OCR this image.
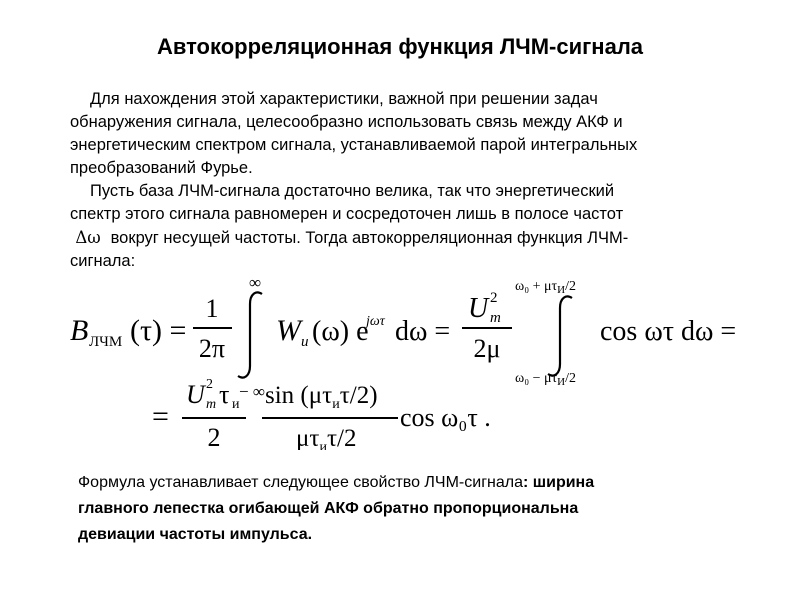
Автокорреляционная функция ЛЧМ-сигнала
Для нахождения этой характеристики, важной при решении задач
обнаружения сигнала, целесообразно использовать связь между АКФ и
энергетическим спектром сигнала, устанавливаемой парой интегральных
преобразований Фурье.
Пусть база ЛЧМ-сигнала достаточно велика, так что энергетический
спектр этого сигнала равномерен и сосредоточен лишь в полосе частот
Δω вокруг несущей частоты. Тогда автокорреляционная функция ЛЧМ-
сигнала:
B ЛЧМ (τ) =
1
2π
∞
− ∞
W u (ω) e
jωτ dω =
U 2
m
2μ
$\omega_0 + \mu\tau_И/2$
$\omega_0 - \mu\tau_И/2$
cos ωτ dω =
=
U 2
m τ и
2
$\sin (\mu\tau_и\tau/2)$
$\mu\tau_и\tau/2$
cos ω₀τ .
Формула устанавливает следующее свойство ЛЧМ-сигнала: ширина
главного лепестка огибающей АКФ обратно пропорциональна
девиации частоты импульса.
